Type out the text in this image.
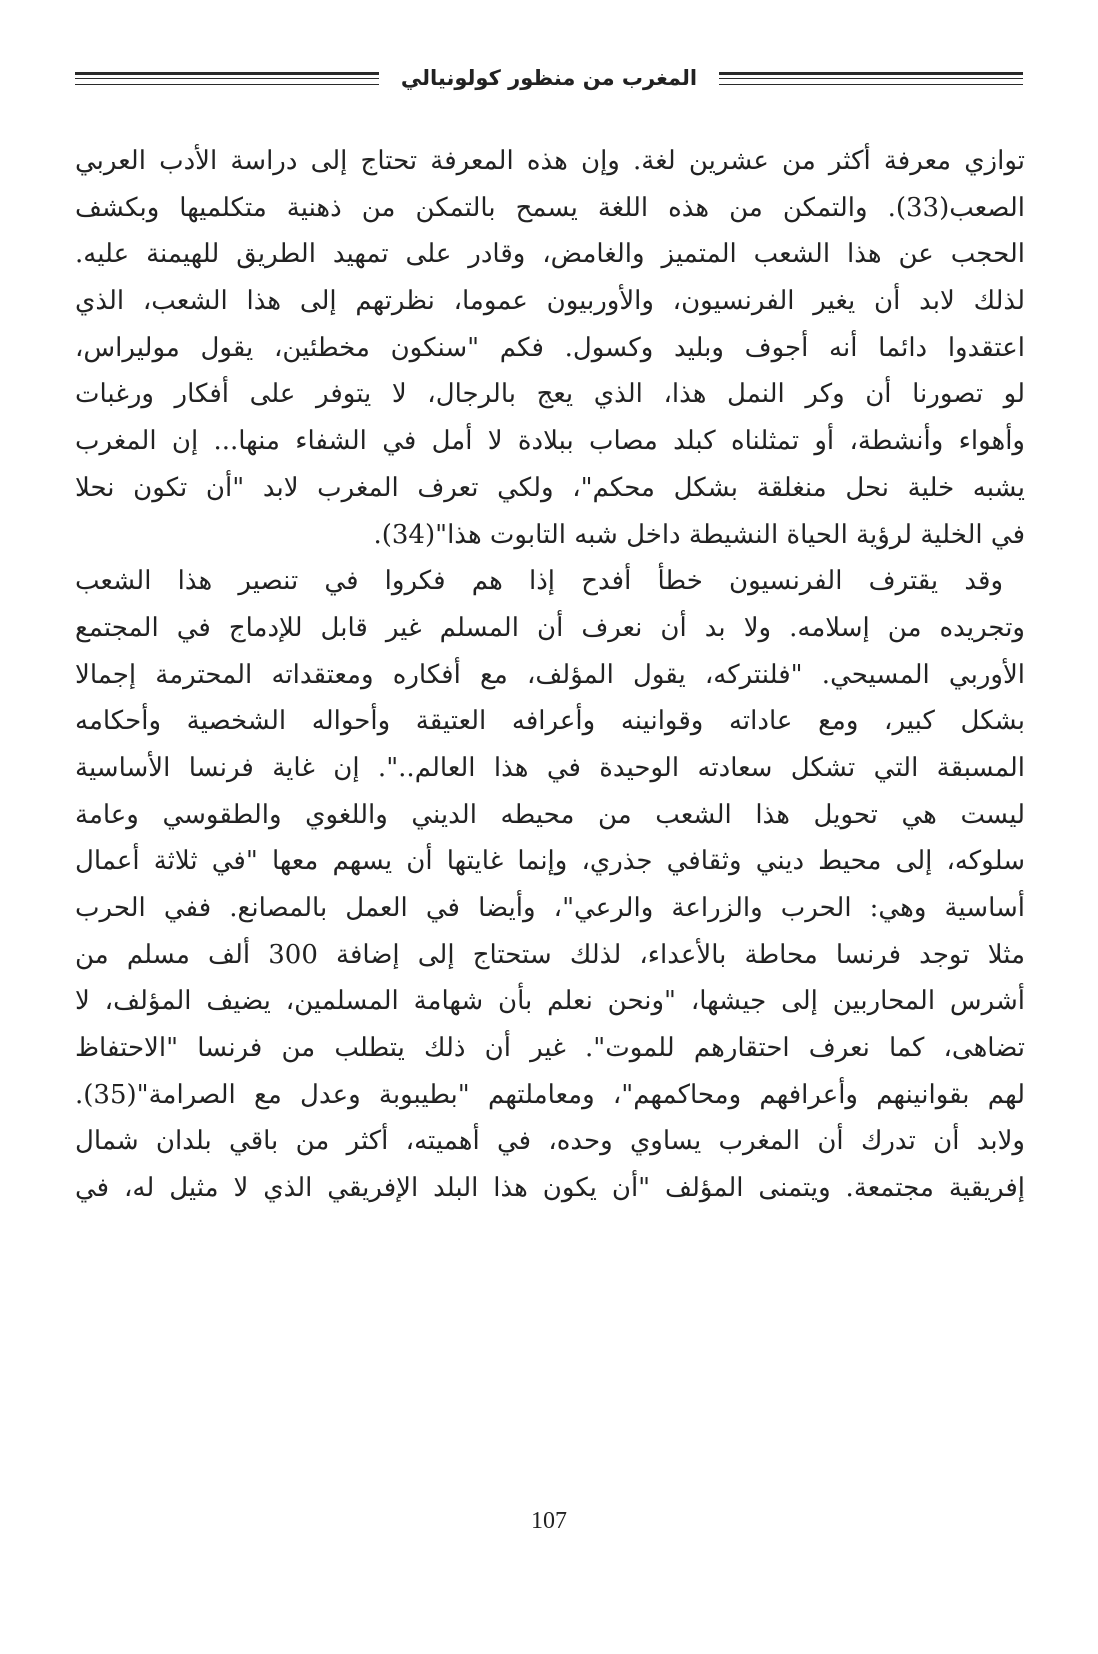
المغرب من منظور كولونيالي
توازي معرفة أكثر من عشرين لغة. وإن هذه المعرفة تحتاج إلى دراسة الأدب العربي
الصعب(33). والتمكن من هذه اللغة يسمح بالتمكن من ذهنية متكلميها وبكشف
الحجب عن هذا الشعب المتميز والغامض، وقادر على تمهيد الطريق للهيمنة عليه.
لذلك لابد أن يغير الفرنسيون، والأوربيون عموما، نظرتهم إلى هذا الشعب، الذي
اعتقدوا دائما أنه أجوف وبليد وكسول. فكم "سنكون مخطئين، يقول موليراس،
لو تصورنا أن وكر النمل هذا، الذي يعج بالرجال، لا يتوفر على أفكار ورغبات
وأهواء وأنشطة، أو تمثلناه كبلد مصاب ببلادة لا أمل في الشفاء منها... إن المغرب
يشبه خلية نحل منغلقة بشكل محكم"، ولكي تعرف المغرب لابد "أن تكون نحلا
في الخلية لرؤية الحياة النشيطة داخل شبه التابوت هذا"(34).
وقد يقترف الفرنسيون خطأ أفدح إذا هم فكروا في تنصير هذا الشعب
وتجريده من إسلامه. ولا بد أن نعرف أن المسلم غير قابل للإدماج في المجتمع
الأوربي المسيحي. "فلنتركه، يقول المؤلف، مع أفكاره ومعتقداته المحترمة إجمالا
بشكل كبير، ومع عاداته وقوانينه وأعرافه العتيقة وأحواله الشخصية وأحكامه
المسبقة التي تشكل سعادته الوحيدة في هذا العالم..". إن غاية فرنسا الأساسية
ليست هي تحويل هذا الشعب من محيطه الديني واللغوي والطقوسي وعامة
سلوكه، إلى محيط ديني وثقافي جذري، وإنما غايتها أن يسهم معها "في ثلاثة أعمال
أساسية وهي: الحرب والزراعة والرعي"، وأيضا في العمل بالمصانع. ففي الحرب
مثلا توجد فرنسا محاطة بالأعداء، لذلك ستحتاج إلى إضافة 300 ألف مسلم من
أشرس المحاربين إلى جيشها، "ونحن نعلم بأن شهامة المسلمين، يضيف المؤلف، لا
تضاهى، كما نعرف احتقارهم للموت". غير أن ذلك يتطلب من فرنسا "الاحتفاظ
لهم بقوانينهم وأعرافهم ومحاكمهم"، ومعاملتهم "بطيبوبة وعدل مع الصرامة"(35).
ولابد أن تدرك أن المغرب يساوي وحده، في أهميته، أكثر من باقي بلدان شمال
إفريقية مجتمعة. ويتمنى المؤلف "أن يكون هذا البلد الإفريقي الذي لا مثيل له، في
107
